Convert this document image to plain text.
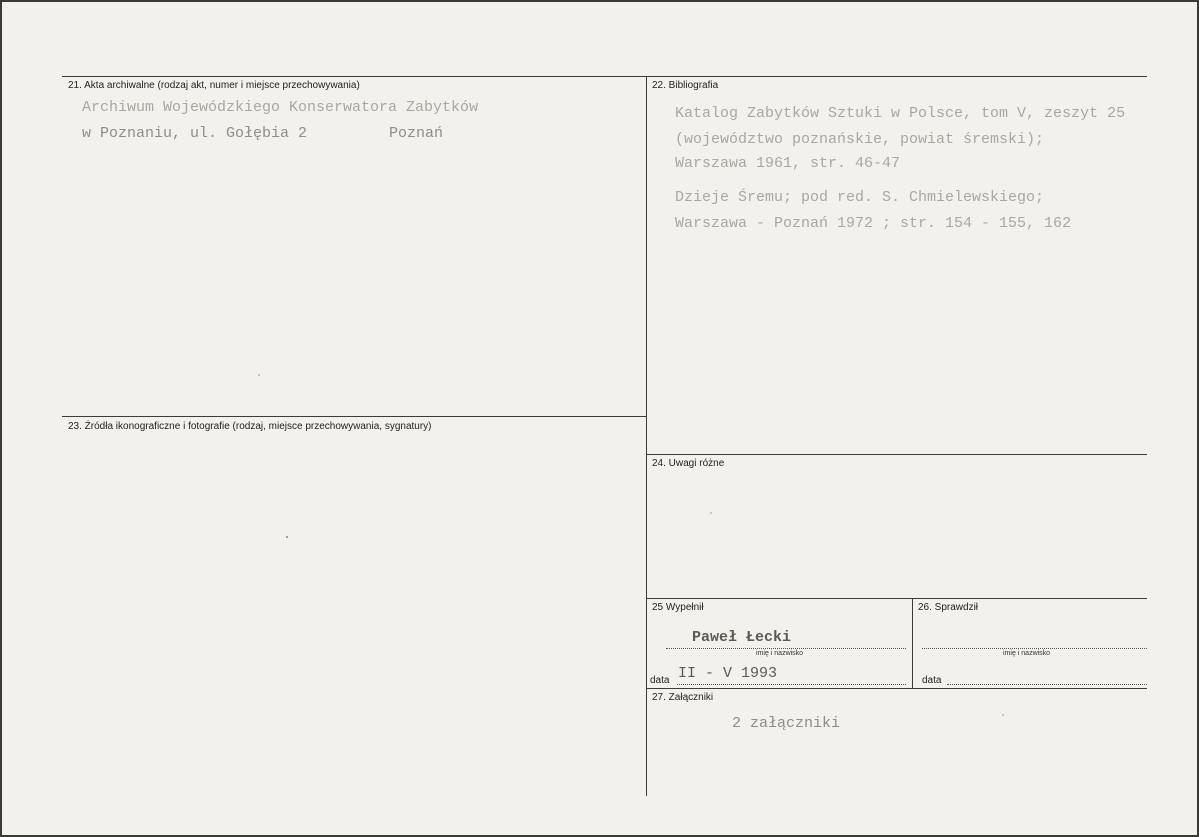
21. Akta archiwalne (rodzaj akt, numer i miejsce przechowywania)
Archiwum Wojewódzkiego Konserwatora Zabytków
w Poznaniu, ul. Gołębia 2	Poznań
22. Bibliografia
Katalog Zabytków Sztuki w Polsce, tom V, zeszyt 25
(województwo poznańskie, powiat śremski);
Warszawa 1961, str. 46-47
Dzieje Śremu; pod red. S. Chmielewskiego;
Warszawa - Poznań 1972 ; str. 154 - 155, 162
23. Źródła ikonograficzne i fotografie (rodzaj, miejsce przechowywania, sygnatury)
24. Uwagi różne
25 Wypełnił
Paweł Łecki
imię i nazwisko
data II - V 1993
26. Sprawdził
imię i nazwisko
data
27. Załączniki
2 załączniki
